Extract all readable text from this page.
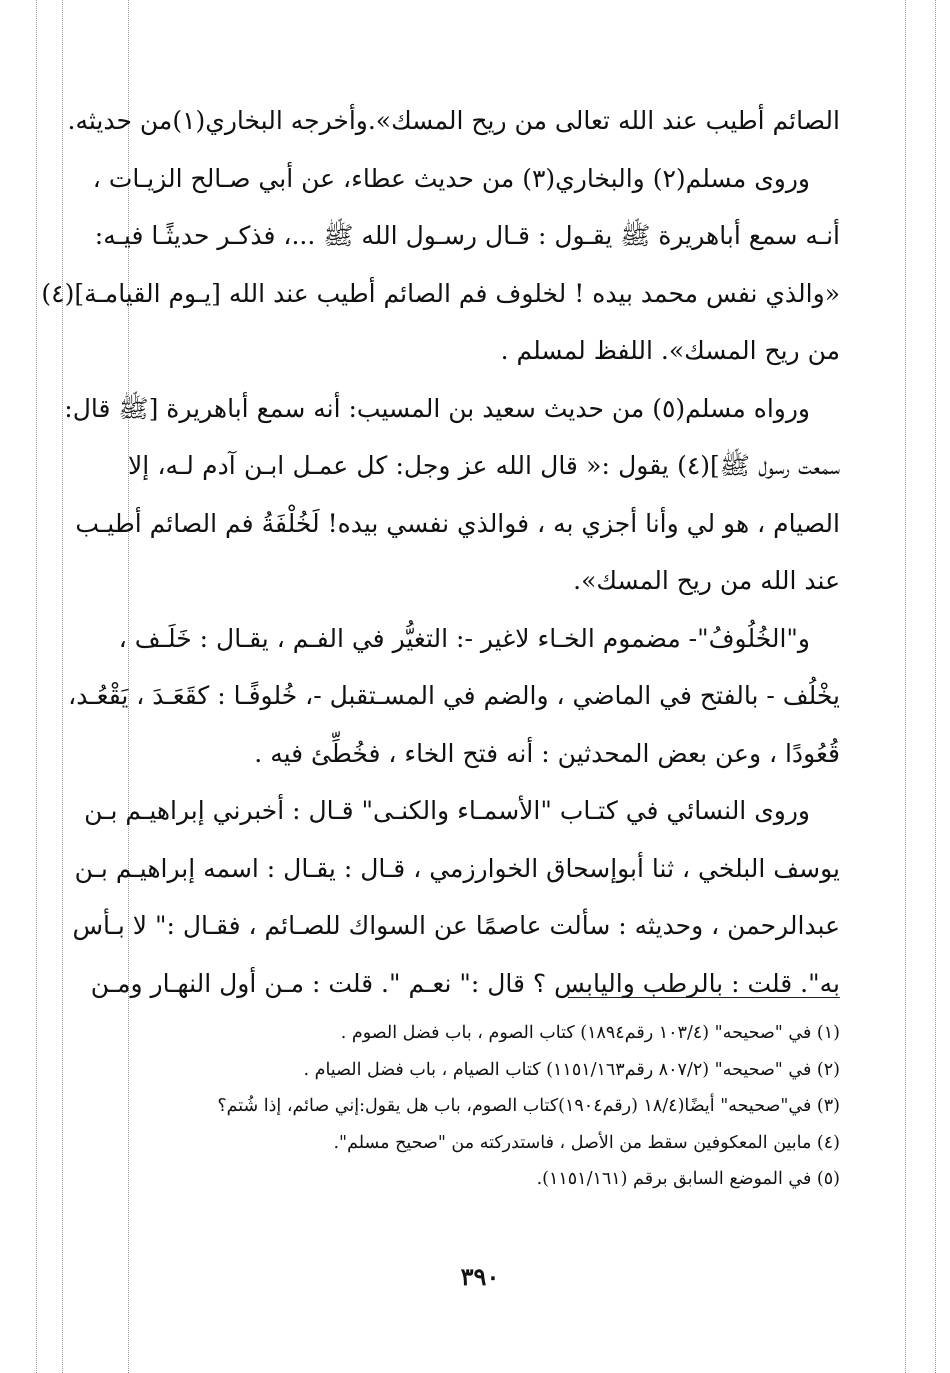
الصائم أطيب عند الله تعالى من ريح المسك».وأخرجه البخاري(١)من حديثه.
وروى مسلم(٢) والبخاري(٣) من حديث عطاء، عن أبي صـالح الزيـات ،
أنـه سمع أباهريرة ﷺ يقـول : قـال رسـول الله ﷺ ...، فذكـر حديثًـا فيـه:
«والذي نفس محمد بيده ! لخلوف فم الصائم أطيب عند الله [يـوم القيامـة](٤)
من ريح المسك». اللفظ لمسلم .
ورواه مسلم(٥) من حديث سعيد بن المسيب: أنه سمع أباهريرة [ﷺ قال:
سمعت رسول ﷺ](٤) يقول :« قال الله عز وجل: كل عمـل ابـن آدم لـه، إلا
الصيام ، هو لي وأنا أجزي به ، فوالذي نفسي بيده! لَخُلْفَةُ فم الصائم أطيـب
عند الله من ريح المسك».
و"الخُلُوفُ"- مضموم الخـاء لاغير -: التغيُّر في الفـم ، يقـال : خَلَـف ،
يخْلُف - بالفتح في الماضي ، والضم في المسـتقبل -، خُلوفًـا : كقَعَـدَ ، يَقْعُـد،
قُعُودًا ، وعن بعض المحدثين : أنه فتح الخاء ، فخُطِّئ فيه .
وروى النسائي في كتـاب "الأسمـاء والكنـى" قـال : أخبرني إبراهيـم بـن
يوسف البلخي ، ثنا أبوإسحاق الخوارزمي ، قـال : يقـال : اسمه إبراهيـم بـن
عبدالرحمن ، وحديثه : سألت عاصمًا عن السواك للصـائم ، فقـال :" لا بـأس
به". قلت : بالرطب واليابس ؟ قال :" نعـم ". قلت : مـن أول النهـار ومـن
(١) في "صحيحه" (١٠٣/٤ رقم١٨٩٤) كتاب الصوم ، باب فضل الصوم .
(٢) في "صحيحه" (٨٠٧/٢ رقم١١٥١/١٦٣) كتاب الصيام ، باب فضل الصيام .
(٣) في"صحيحه" أيضًا(١٨/٤ (رقم١٩٠٤)كتاب الصوم، باب هل يقول:إني صائم، إذا شُتم؟
(٤) مابين المعكوفين سقط من الأصل ، فاستدركته من "صحيح مسلم".
(٥) في الموضع السابق برقم (١١٥١/١٦١).
٣٩٠
